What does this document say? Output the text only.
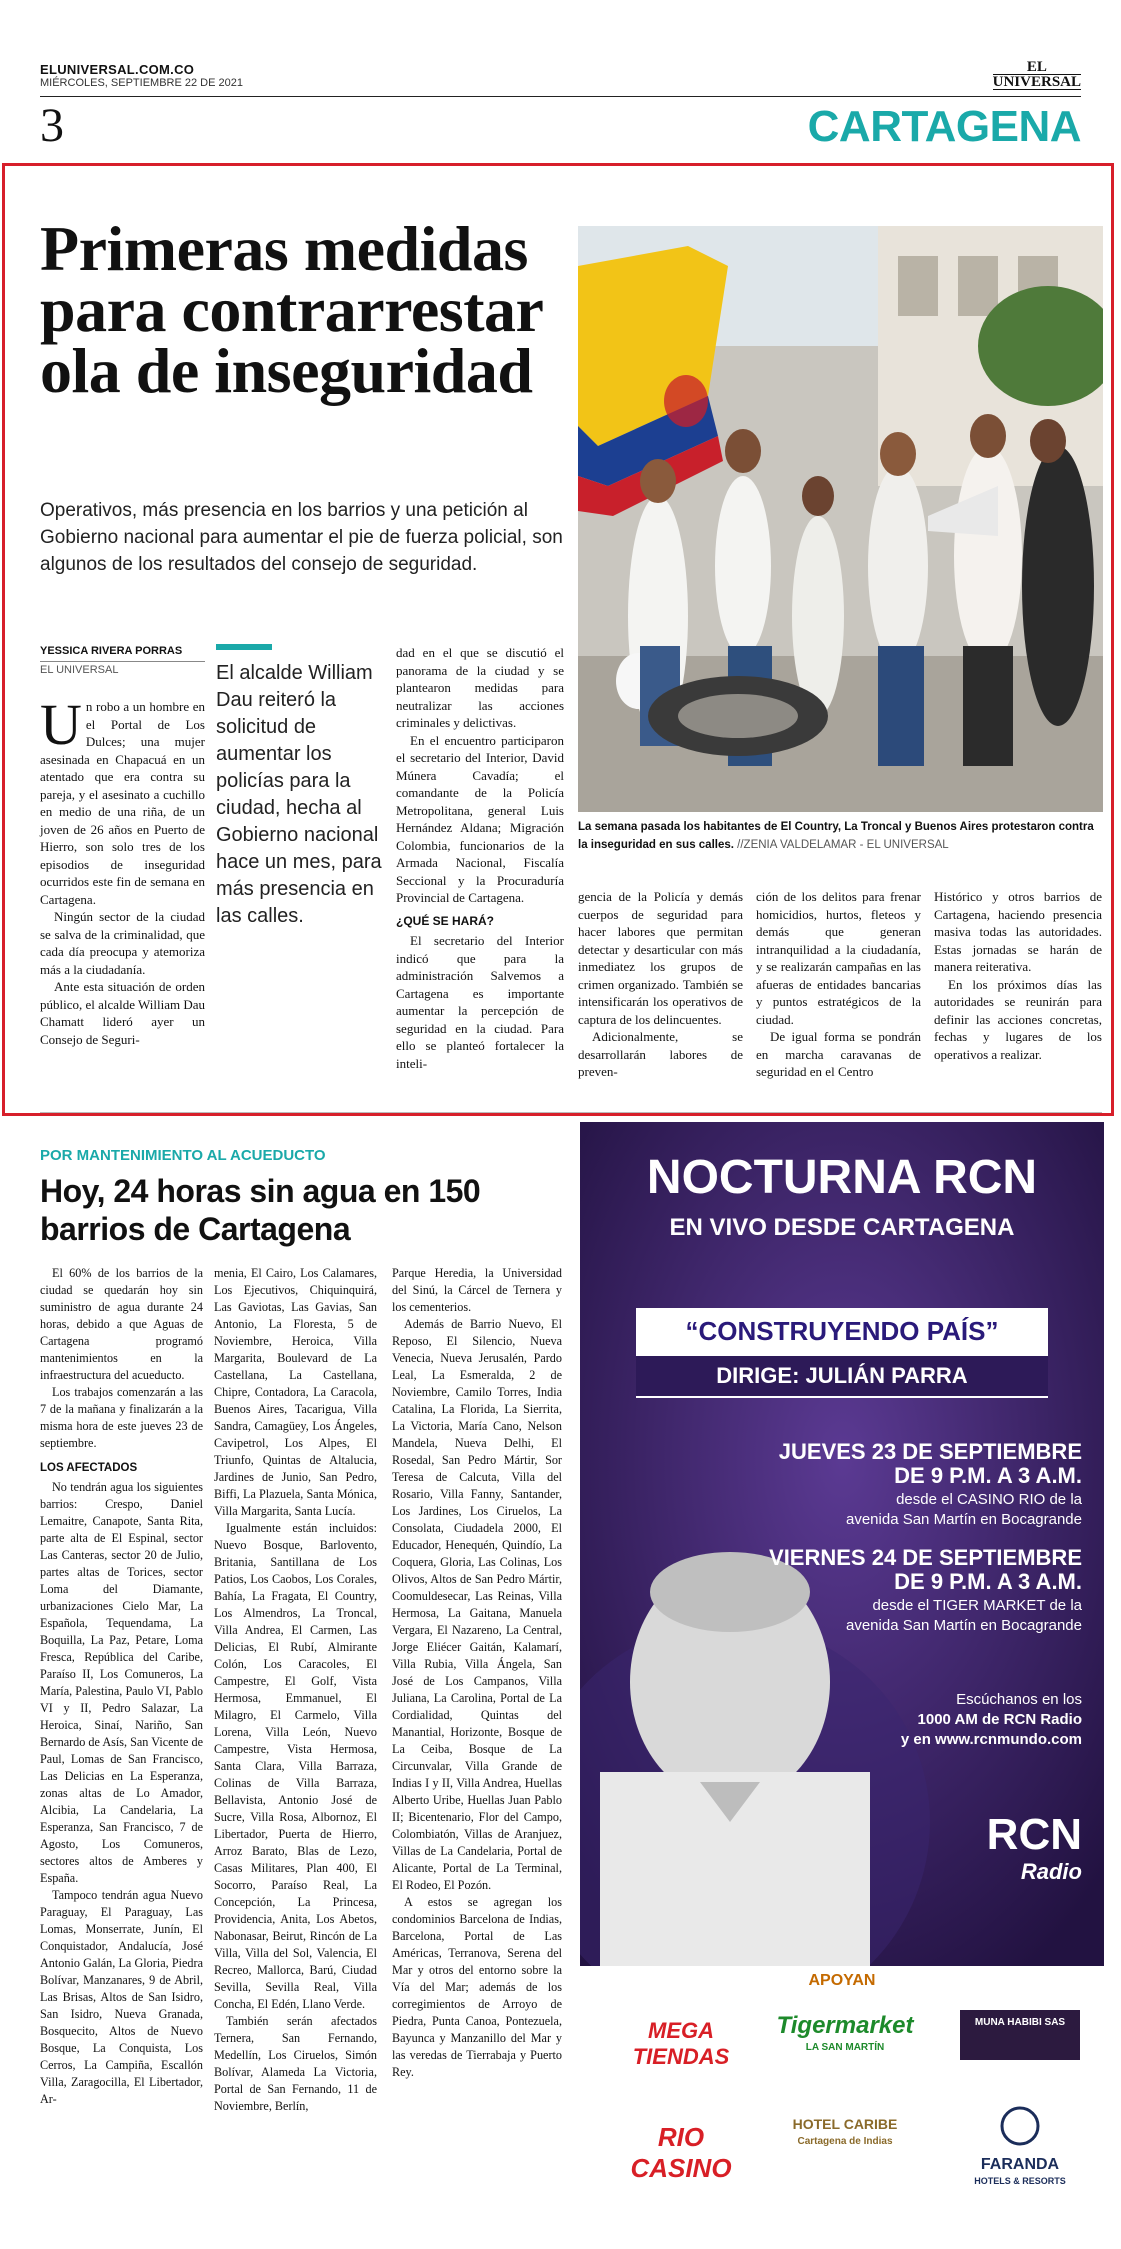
ELUNIVERSAL.COM.CO
MIÉRCOLES, SEPTIEMBRE 22 DE 2021
EL
UNIVERSAL
3	CARTAGENA
Primeras medidas para contrarrestar ola de inseguridad
Operativos, más presencia en los barrios y una petición al Gobierno nacional para aumentar el pie de fuerza policial, son algunos de los resultados del consejo de seguridad.
La semana pasada los habitantes de El Country, La Troncal y Buenos Aires protestaron contra la inseguridad en sus calles. //ZENIA VALDELAMAR - EL UNIVERSAL
YESSICA RIVERA PORRAS
EL UNIVERSAL

Un robo a un hombre en el Portal de Los Dulces; una mujer asesinada en Chapacuá en un atentado que era contra su pareja, y el asesinato a cuchillo en medio de una riña, de un joven de 26 años en Puerto de Hierro, son solo tres de los episodios de inseguridad ocurridos este fin de semana en Cartagena.

Ningún sector de la ciudad se salva de la criminalidad, que cada día preocupa y atemoriza más a la ciudadanía.

Ante esta situación de orden público, el alcalde William Dau Chamatt lideró ayer un Consejo de Seguri-

El alcalde William Dau reiteró la solicitud de aumentar los policías para la ciudad, hecha al Gobierno nacional hace un mes, para más presencia en las calles.

dad en el que se discutió el panorama de la ciudad y se plantearon medidas para neutralizar las acciones criminales y delictivas.

En el encuentro participaron el secretario del Interior, David Múnera Cavadía; el comandante de la Policía Metropolitana, general Luis Hernández Aldana; Migración Colombia, funcionarios de la Armada Nacional, Fiscalía Seccional y la Procuraduría Provincial de Cartagena.

¿QUÉ SE HARÁ?

El secretario del Interior indicó que para la administración Salvemos a Cartagena es importante aumentar la percepción de seguridad en la ciudad. Para ello se planteó fortalecer la inteli-

gencia de la Policía y demás cuerpos de seguridad para hacer labores que permitan detectar y desarticular con más inmediatez los grupos de crimen organizado. También se intensificarán los operativos de captura de los delincuentes.

Adicionalmente, se desarrollarán labores de preven-

ción de los delitos para frenar homicidios, hurtos, fleteos y demás que generan intranquilidad a la ciudadanía, y se realizarán campañas en las afueras de entidades bancarias y puntos estratégicos de la ciudad.

De igual forma se pondrán en marcha caravanas de seguridad en el Centro

Histórico y otros barrios de Cartagena, haciendo presencia masiva todas las autoridades. Estas jornadas se harán de manera reiterativa.

En los próximos días las autoridades se reunirán para definir las acciones concretas, fechas y lugares de los operativos a realizar.

POR MANTENIMIENTO AL ACUEDUCTO
Hoy, 24 horas sin agua en 150 barrios de Cartagena

El 60% de los barrios de la ciudad se quedarán hoy sin suministro de agua durante 24 horas, debido a que Aguas de Cartagena programó mantenimientos en la infraestructura del acueducto.

Los trabajos comenzarán a las 7 de la mañana y finalizarán a la misma hora de este jueves 23 de septiembre.

LOS AFECTADOS

No tendrán agua los siguientes barrios: Crespo, Daniel Lemaitre, Canapote, Santa Rita, parte alta de El Espinal, sector Las Canteras, sector 20 de Julio, partes altas de Torices, sector Loma del Diamante, urbanizaciones Cielo Mar, La Española, Tequendama, La Boquilla, La Paz, Petare, Loma Fresca, República del Caribe, Paraíso II, Los Comuneros, La María, Palestina, Paulo VI, Pablo VI y II, Pedro Salazar, La Heroica, Sinaí, Nariño, San Bernardo de Asís, San Vicente de Paul, Lomas de San Francisco, Las Delicias en La Esperanza, zonas altas de Lo Amador, Alcibia, La Candelaria, La Esperanza, San Francisco, 7 de Agosto, Los Comuneros, sectores altos de Amberes y España.

Tampoco tendrán agua Nuevo Paraguay, El Paraguay, Las Lomas, Monserrate, Junín, El Conquistador, Andalucía, José Antonio Galán, La Gloria, Piedra Bolívar, Manzanares, 9 de Abril, Las Brisas, Altos de San Isidro, San Isidro, Nueva Granada, Bosquecito, Altos de Nuevo Bosque, La Conquista, Los Cerros, La Campiña, Escallón Villa, Zaragocilla, El Libertador, Ar-

menia, El Cairo, Los Calamares, Los Ejecutivos, Chiquinquirá, Las Gaviotas, Las Gavias, San Antonio, La Floresta, 5 de Noviembre, Heroica, Villa Margarita, Boulevard de La Castellana, La Castellana, Chipre, Contadora, La Caracola, Buenos Aires, Tacarigua, Villa Sandra, Camagüey, Los Ángeles, Cavipetrol, Los Alpes, El Triunfo, Quintas de Altalucia, Jardines de Junio, San Pedro, Biffi, La Plazuela, Santa Mónica, Villa Margarita, Santa Lucía.

Igualmente están incluidos: Nuevo Bosque, Barlovento, Britania, Santillana de Los Patios, Los Caobos, Los Corales, Bahía, La Fragata, El Country, Los Almendros, La Troncal, Villa Andrea, El Carmen, Las Delicias, El Rubí, Almirante Colón, Los Caracoles, El Campestre, El Golf, Vista Hermosa, Emmanuel, El Milagro, El Carmelo, Villa Lorena, Villa León, Nuevo Campestre, Vista Hermosa, Santa Clara, Villa Barraza, Colinas de Villa Barraza, Bellavista, Antonio José de Sucre, Villa Rosa, Albornoz, El Libertador, Puerta de Hierro, Arroz Barato, Blas de Lezo, Casas Militares, Plan 400, El Socorro, Paraíso Real, La Concepción, La Princesa, Providencia, Anita, Los Abetos, Nabonasar, Beirut, Rincón de La Villa, Villa del Sol, Valencia, El Recreo, Mallorca, Barú, Ciudad Sevilla, Sevilla Real, Villa Concha, El Edén, Llano Verde.

También serán afectados Ternera, San Fernando, Medellín, Los Ciruelos, Simón Bolívar, Alameda La Victoria, Portal de San Fernando, 11 de Noviembre, Berlín,

Parque Heredia, la Universidad del Sinú, la Cárcel de Ternera y los cementerios.

Además de Barrio Nuevo, El Reposo, El Silencio, Nueva Venecia, Nueva Jerusalén, Pardo Leal, La Esmeralda, 2 de Noviembre, Camilo Torres, India Catalina, La Florida, La Sierrita, La Victoria, María Cano, Nelson Mandela, Nueva Delhi, El Rosedal, San Pedro Mártir, Sor Teresa de Calcuta, Villa del Rosario, Villa Fanny, Santander, Los Jardines, Los Ciruelos, La Consolata, Ciudadela 2000, El Educador, Henequén, Quindío, La Coquera, Gloria, Las Colinas, Los Olivos, Altos de San Pedro Mártir, Coomuldesecar, Las Reinas, Villa Hermosa, La Gaitana, Manuela Vergara, El Nazareno, La Central, Jorge Eliécer Gaitán, Kalamarí, Villa Rubia, Villa Ángela, San José de Los Campanos, Villa Juliana, La Carolina, Portal de La Cordialidad, Quintas del Manantial, Horizonte, Bosque de La Ceiba, Bosque de La Circunvalar, Villa Grande de Indias I y II, Villa Andrea, Huellas Alberto Uribe, Huellas Juan Pablo II; Bicentenario, Flor del Campo, Colombiatón, Villas de Aranjuez, Villas de La Candelaria, Portal de Alicante, Portal de La Terminal, El Rodeo, El Pozón.

A estos se agregan los condominios Barcelona de Indias, Barcelona, Portal de Las Américas, Terranova, Serena del Mar y otros del entorno sobre la Vía del Mar; además de los corregimientos de Arroyo de Piedra, Punta Canoa, Pontezuela, Bayunca y Manzanillo del Mar y las veredas de Tierrabaja y Puerto Rey.

NOCTURNA RCN
EN VIVO DESDE CARTAGENA
“CONSTRUYENDO PAÍS”
DIRIGE: JULIÁN PARRA
JUEVES 23 DE SEPTIEMBRE
DE 9 P.M. A 3 A.M.
desde el CASINO RIO de la
avenida San Martín en Bocagrande
VIERNES 24 DE SEPTIEMBRE
DE 9 P.M. A 3 A.M.
desde el TIGER MARKET de la
avenida San Martín en Bocagrande
Escúchanos en los
1000 AM de RCN Radio
y en www.rcnmundo.com
RCN
Radio
APOYAN
MEGA TIENDAS
Tigermarket
LA SAN MARTÍN
MUNA HABIBI SAS
RIO CASINO
HOTEL CARIBE
Cartagena de Indias
FARANDA
HOTELS & RESORTS
